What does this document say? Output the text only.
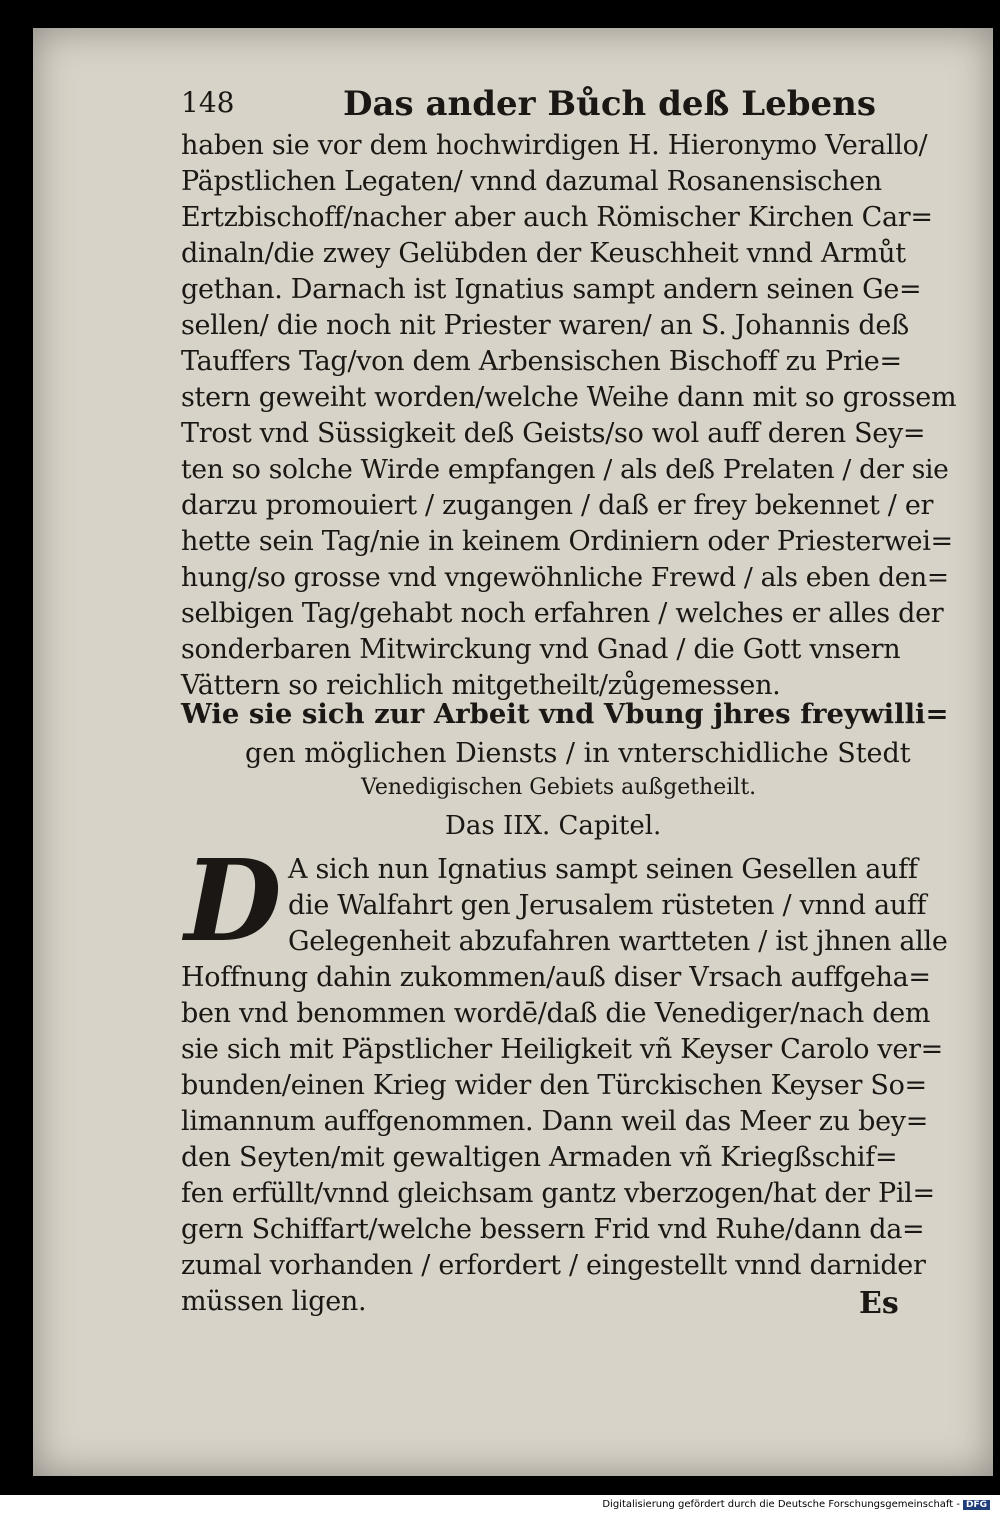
148	Das ander Bůch deß Lebens
haben sie vor dem hochwirdigen H. Hieronymo Verallo/
Päpstlichen Legaten/ vnnd dazumal Rosanensischen
Ertzbischoff/nacher aber auch Römischer Kirchen Car=
dinaln/die zwey Gelübden der Keuschheit vnnd Armůt
gethan. Darnach ist Ignatius sampt andern seinen Ge=
sellen/ die noch nit Priester waren/ an S. Johannis deß
Tauffers Tag/von dem Arbensischen Bischoff zu Prie=
stern geweiht worden/welche Weihe dann mit so grossem
Trost vnd Süssigkeit deß Geists/so wol auff deren Sey=
ten so solche Wirde empfangen / als deß Prelaten / der sie
darzu promouiert / zugangen / daß er frey bekennet / er
hette sein Tag/nie in keinem Ordiniern oder Priesterwei=
hung/so grosse vnd vngewöhnliche Frewd / als eben den=
selbigen Tag/gehabt noch erfahren / welches er alles der
sonderbaren Mitwirckung vnd Gnad / die Gott vnsern
Vättern so reichlich mitgetheilt/zůgemessen.
Wie sie sich zur Arbeit vnd Vbung jhres freywilli=
gen möglichen Diensts / in vnterschidliche Stedt
Venedigischen Gebiets außgetheilt.
Das IIX. Capitel.
D A sich nun Ignatius sampt seinen Gesellen auff
die Walfahrt gen Jerusalem rüsteten / vnnd auff
Gelegenheit abzufahren wartteten / ist jhnen alle
Hoffnung dahin zukommen/auß diser Vrsach auffgeha=
ben vnd benommen wordē/daß die Venediger/nach dem
sie sich mit Päpstlicher Heiligkeit vñ Keyser Carolo ver=
bunden/einen Krieg wider den Türckischen Keyser So=
limannum auffgenommen. Dann weil das Meer zu bey=
den Seyten/mit gewaltigen Armaden vñ Kriegßschif=
fen erfüllt/vnnd gleichsam gantz vberzogen/hat der Pil=
gern Schiffart/welche bessern Frid vnd Ruhe/dann da=
zumal vorhanden / erfordert / eingestellt vnnd darnider
müssen ligen.	Es
Digitalisierung gefördert durch die Deutsche Forschungsgemeinschaft - DFG
